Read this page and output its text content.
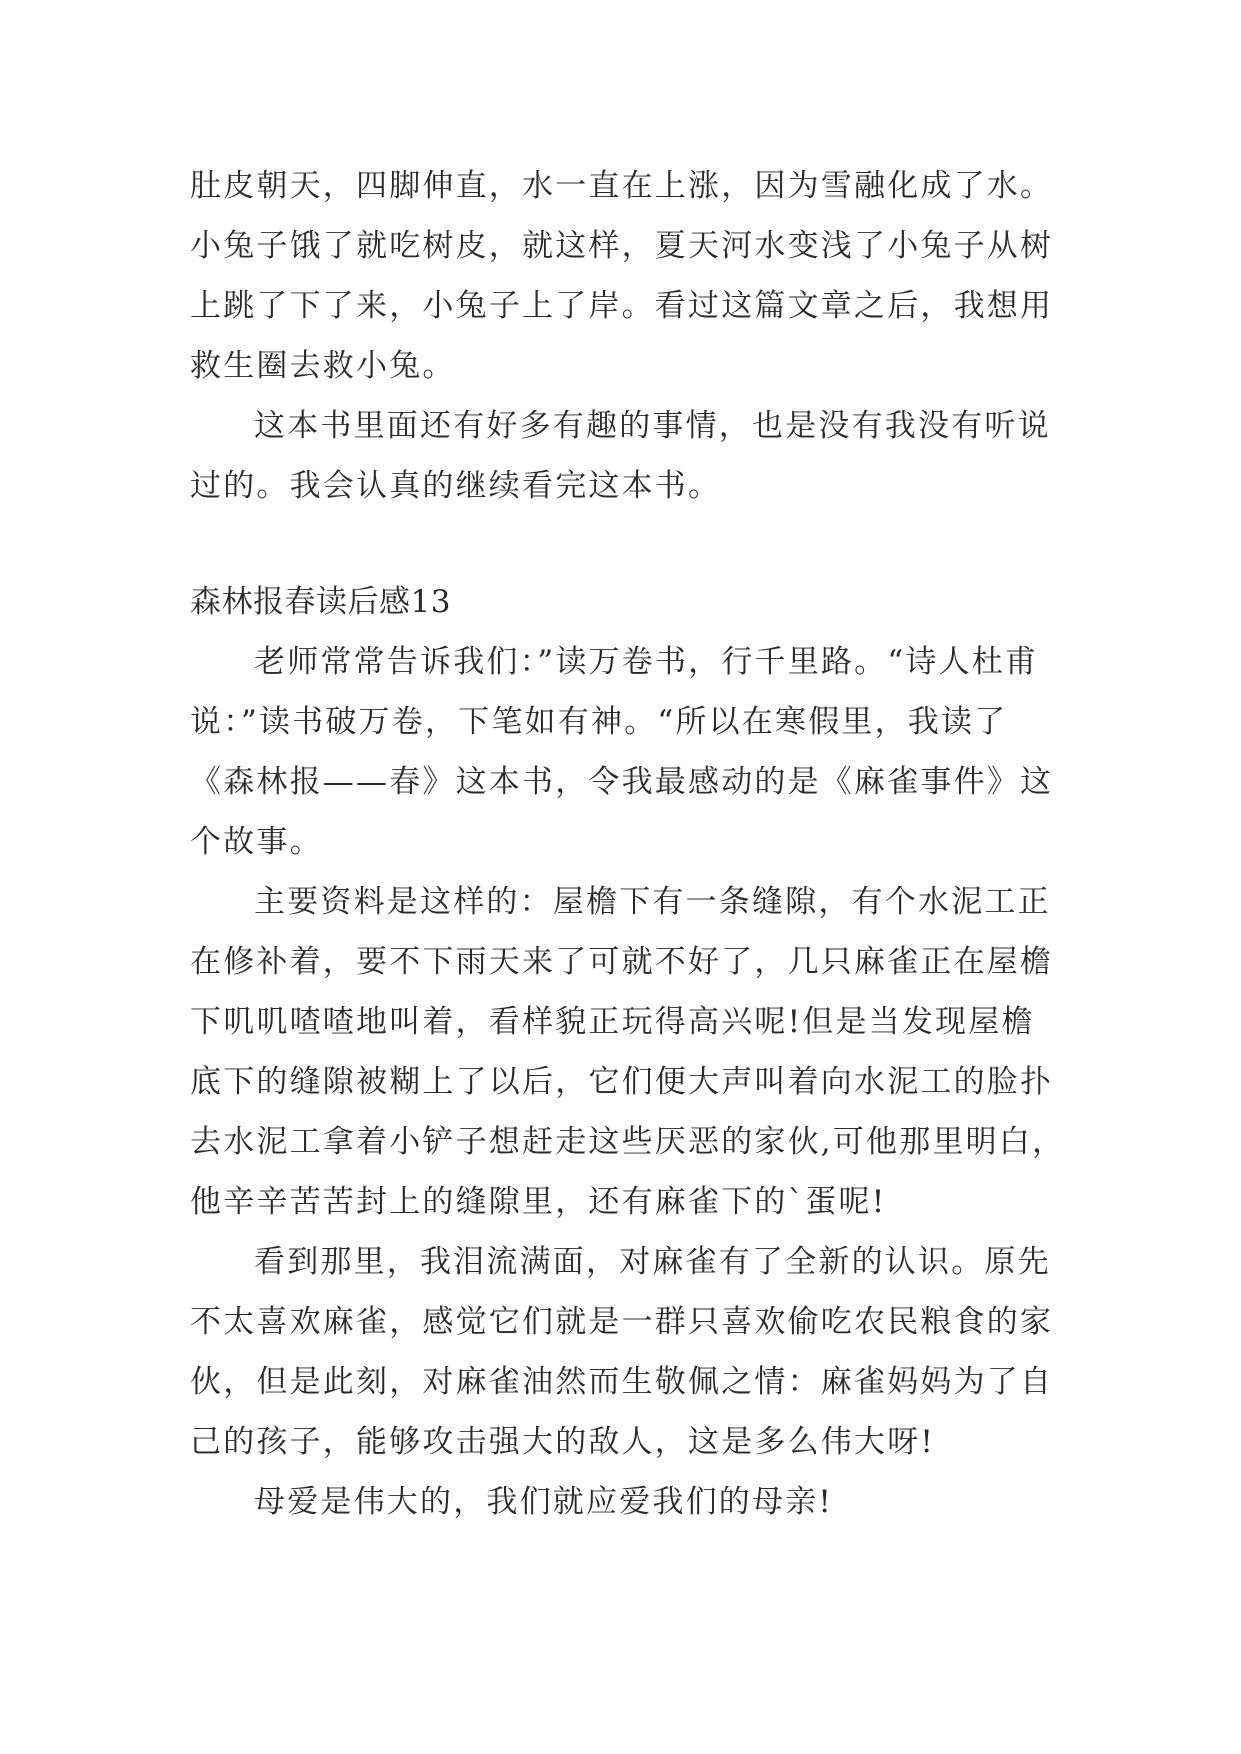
肚皮朝天，四脚伸直，水一直在上涨，因为雪融化成了水。
小兔子饿了就吃树皮，就这样，夏天河水变浅了小兔子从树
上跳了下了来，小兔子上了岸。看过这篇文章之后，我想用
救生圈去救小兔。
这本书里面还有好多有趣的事情，也是没有我没有听说
过的。我会认真的继续看完这本书。
森林报春读后感13
老师常常告诉我们：”读万卷书，行千里路。“诗人杜甫
说：”读书破万卷，下笔如有神。“所以在寒假里，我读了
《森林报——春》这本书，令我最感动的是《麻雀事件》这
个故事。
主要资料是这样的：屋檐下有一条缝隙，有个水泥工正
在修补着，要不下雨天来了可就不好了，几只麻雀正在屋檐
下叽叽喳喳地叫着，看样貌正玩得高兴呢!但是当发现屋檐
底下的缝隙被糊上了以后，它们便大声叫着向水泥工的脸扑
去水泥工拿着小铲子想赶走这些厌恶的家伙,可他那里明白，
他辛辛苦苦封上的缝隙里，还有麻雀下的`蛋呢!
看到那里，我泪流满面，对麻雀有了全新的认识。原先
不太喜欢麻雀，感觉它们就是一群只喜欢偷吃农民粮食的家
伙，但是此刻，对麻雀油然而生敬佩之情：麻雀妈妈为了自
己的孩子，能够攻击强大的敌人，这是多么伟大呀!
母爱是伟大的，我们就应爱我们的母亲!
